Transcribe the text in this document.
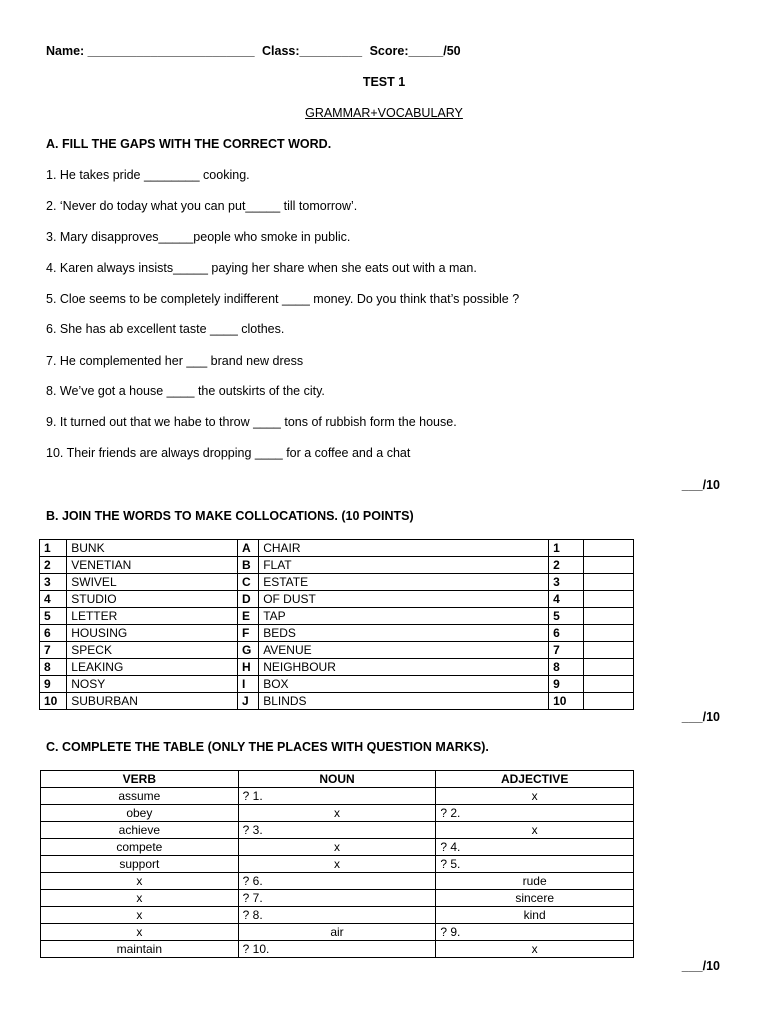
Name: ________________________ Class:_________ Score:_____/50
TEST 1
GRAMMAR+VOCABULARY
A. FILL THE GAPS WITH THE CORRECT WORD.
1. He takes pride ________ cooking.
2. ‘Never do today what you can put_____ till tomorrow’.
3. Mary disapproves_____people who smoke in public.
4. Karen always insists_____ paying her share when she eats out with a man.
5. Cloe seems to be completely indifferent ____ money. Do you think that’s possible ?
6. She has ab excellent taste ____ clothes.
7. He complemented her ___ brand new dress
8. We’ve got a house ____ the outskirts of the city.
9. It turned out that we habe to throw ____ tons of rubbish form the house.
10. Their friends are always dropping ____ for a coffee and a chat
___/10
B. JOIN THE WORDS TO MAKE COLLOCATIONS. (10 POINTS)
1	BUNK	A	CHAIR	1	
2	VENETIAN	B	FLAT	2	
3	SWIVEL	C	ESTATE	3	
4	STUDIO	D	OF DUST	4	
5	LETTER	E	TAP	5	
6	HOUSING	F	BEDS	6	
7	SPECK	G	AVENUE	7	
8	LEAKING	H	NEIGHBOUR	8	
9	NOSY	I	BOX	9	
10	SUBURBAN	J	BLINDS	10	
___/10
C. COMPLETE THE TABLE (ONLY THE PLACES WITH QUESTION MARKS).
VERB	NOUN	ADJECTIVE
assume	? 1.	x
obey	x	? 2.
achieve	? 3.	x
compete	x	? 4.
support	x	? 5.
x	? 6.	rude
x	? 7.	sincere
x	? 8.	kind
x	air	? 9.
maintain	? 10.	x
___/10
